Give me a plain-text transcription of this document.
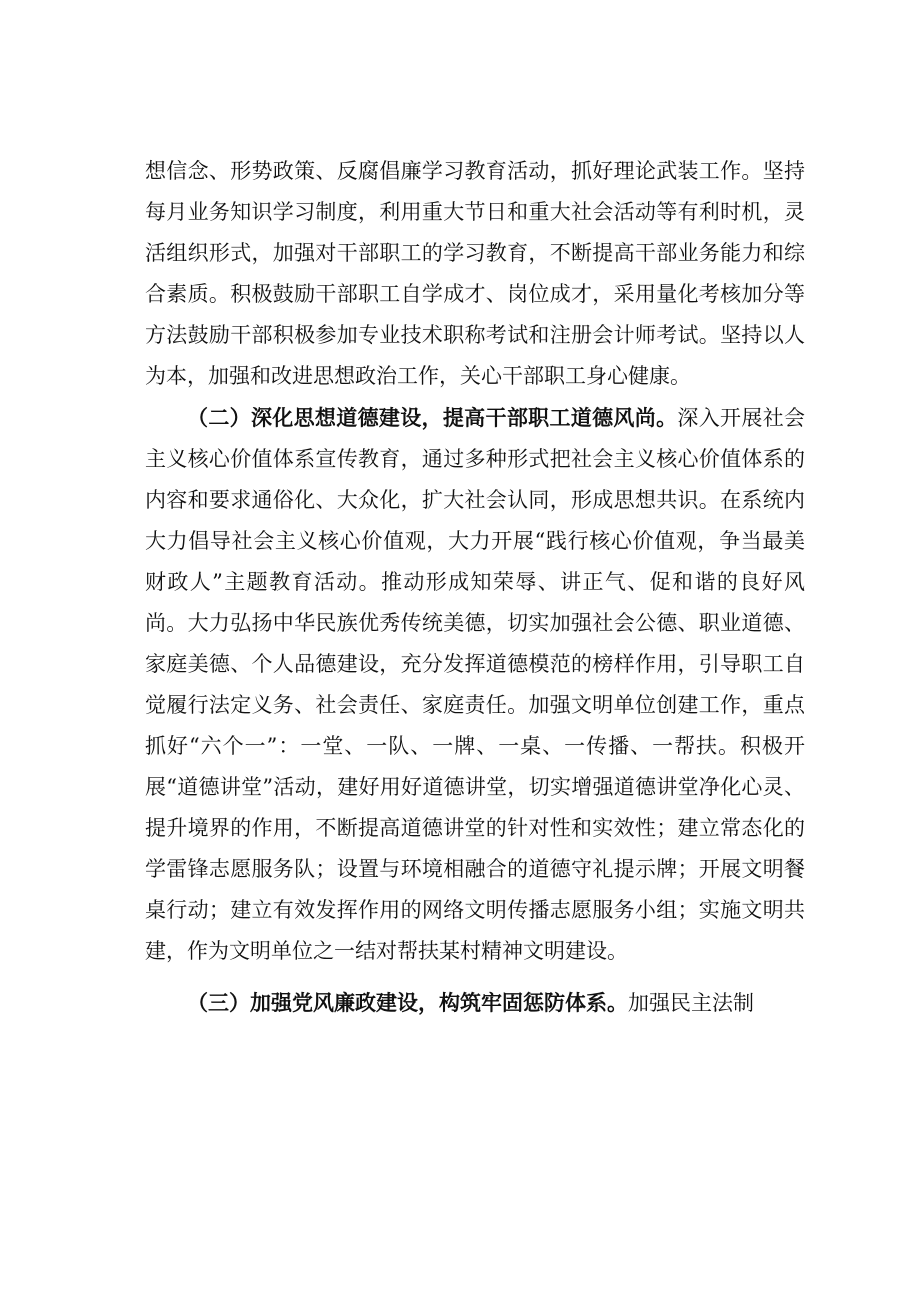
想信念、形势政策、反腐倡廉学习教育活动，抓好理论武装工作。坚持每月业务知识学习制度，利用重大节日和重大社会活动等有利时机，灵活组织形式，加强对干部职工的学习教育，不断提高干部业务能力和综合素质。积极鼓励干部职工自学成才、岗位成才，采用量化考核加分等方法鼓励干部积极参加专业技术职称考试和注册会计师考试。坚持以人为本，加强和改进思想政治工作，关心干部职工身心健康。

（二）深化思想道德建设，提高干部职工道德风尚。深入开展社会主义核心价值体系宣传教育，通过多种形式把社会主义核心价值体系的内容和要求通俗化、大众化，扩大社会认同，形成思想共识。在系统内大力倡导社会主义核心价值观，大力开展“践行核心价值观，争当最美财政人”主题教育活动。推动形成知荣辱、讲正气、促和谐的良好风尚。大力弘扬中华民族优秀传统美德，切实加强社会公德、职业道德、家庭美德、个人品德建设，充分发挥道德模范的榜样作用，引导职工自觉履行法定义务、社会责任、家庭责任。加强文明单位创建工作，重点抓好“六个一”：一堂、一队、一牌、一桌、一传播、一帮扶。积极开展“道德讲堂”活动，建好用好道德讲堂，切实增强道德讲堂净化心灵、提升境界的作用，不断提高道德讲堂的针对性和实效性；建立常态化的学雷锋志愿服务队；设置与环境相融合的道德守礼提示牌；开展文明餐桌行动；建立有效发挥作用的网络文明传播志愿服务小组；实施文明共建，作为文明单位之一结对帮扶某村精神文明建设。

（三）加强党风廉政建设，构筑牢固惩防体系。加强民主法制
